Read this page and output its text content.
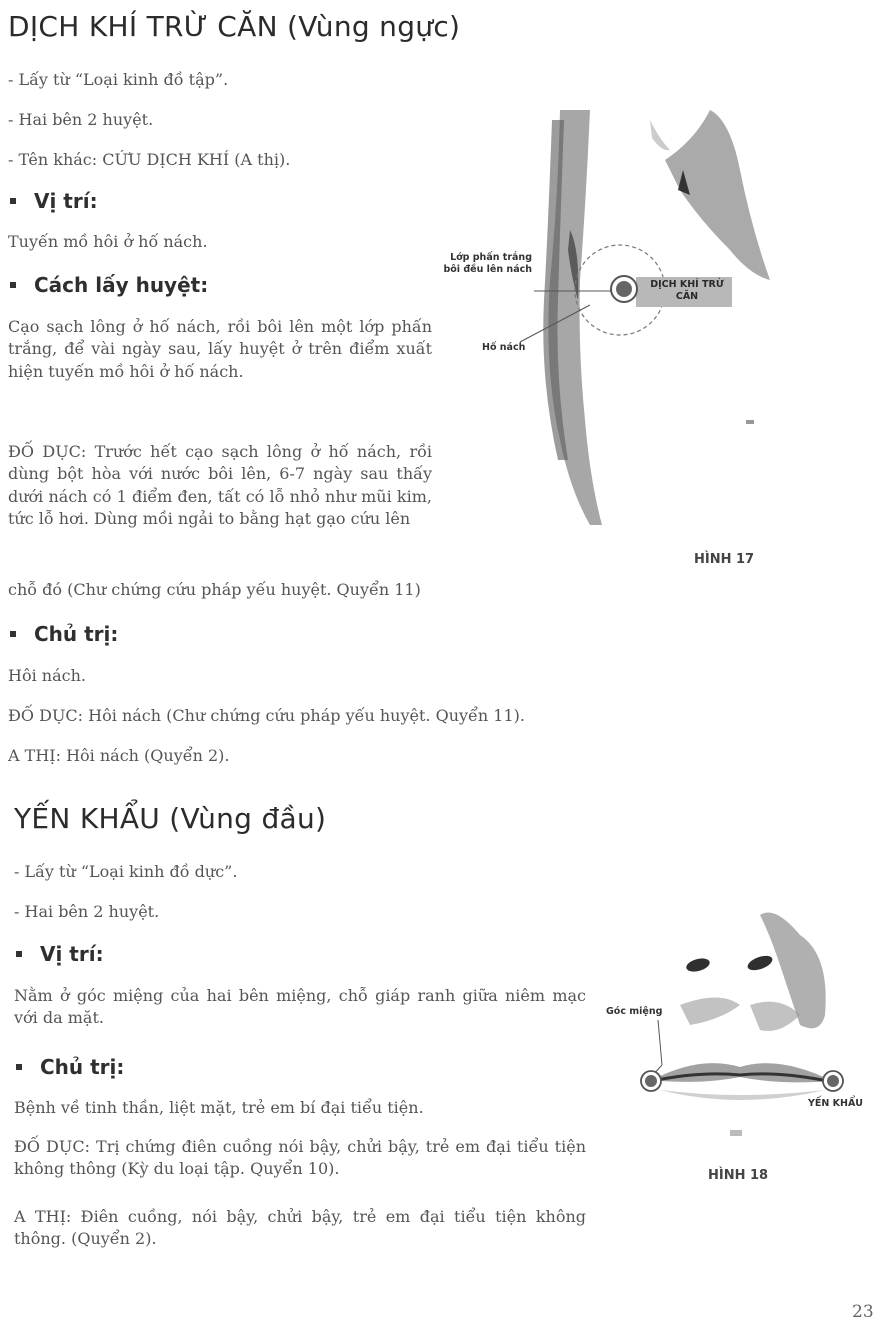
DỊCH KHÍ TRỪ CĂN (Vùng ngực)
- Lấy từ “Loại kinh đồ tập”.
- Hai bên 2 huyệt.
- Tên khác: CỨU DỊCH KHÍ (A thị).
Vị trí:
Tuyến mồ hôi ở hố nách.
Cách lấy huyệt:
Cạo sạch lông ở hố nách, rồi bôi lên một lớp phấn trắng, để vài ngày sau, lấy huyệt ở trên điểm xuất hiện tuyến mồ hôi ở hố nách.
ĐỐ DỤC: Trước hết cạo sạch lông ở hố nách, rồi dùng bột hòa với nước bôi lên, 6-7 ngày sau thấy dưới nách có 1 điểm đen, tất có lỗ nhỏ như mũi kim, tức lỗ hơi. Dùng mồi ngải to bằng hạt gạo cứu lên
chỗ đó (Chư chứng cứu pháp yếu huyệt. Quyển 11)
Chủ trị:
Hôi nách.
ĐỐ DỤC: Hôi nách (Chư chứng cứu pháp yếu huyệt. Quyển 11).
A THỊ: Hôi nách (Quyển 2).
Lớp phấn trắng bôi đều lên nách
Hố nách
DỊCH KHÍ TRỪ CĂN
HÌNH 17
YẾN KHẨU (Vùng đầu)
- Lấy từ “Loại kinh đồ dực”.
- Hai bên 2 huyệt.
Vị trí:
Nằm ở góc miệng của hai bên miệng, chỗ giáp ranh giữa niêm mạc với da mặt.
Chủ trị:
Bệnh về tinh thần, liệt mặt, trẻ em bí đại tiểu tiện.
ĐỐ DỤC: Trị chứng điên cuồng nói bậy, chửi bậy, trẻ em đại tiểu tiện không thông (Kỳ du loại tập. Quyển 10).
A THỊ: Điên cuồng, nói bậy, chửi bậy, trẻ em đại tiểu tiện không thông. (Quyển 2).
Góc miệng
YẾN KHẨU
HÌNH 18
23
